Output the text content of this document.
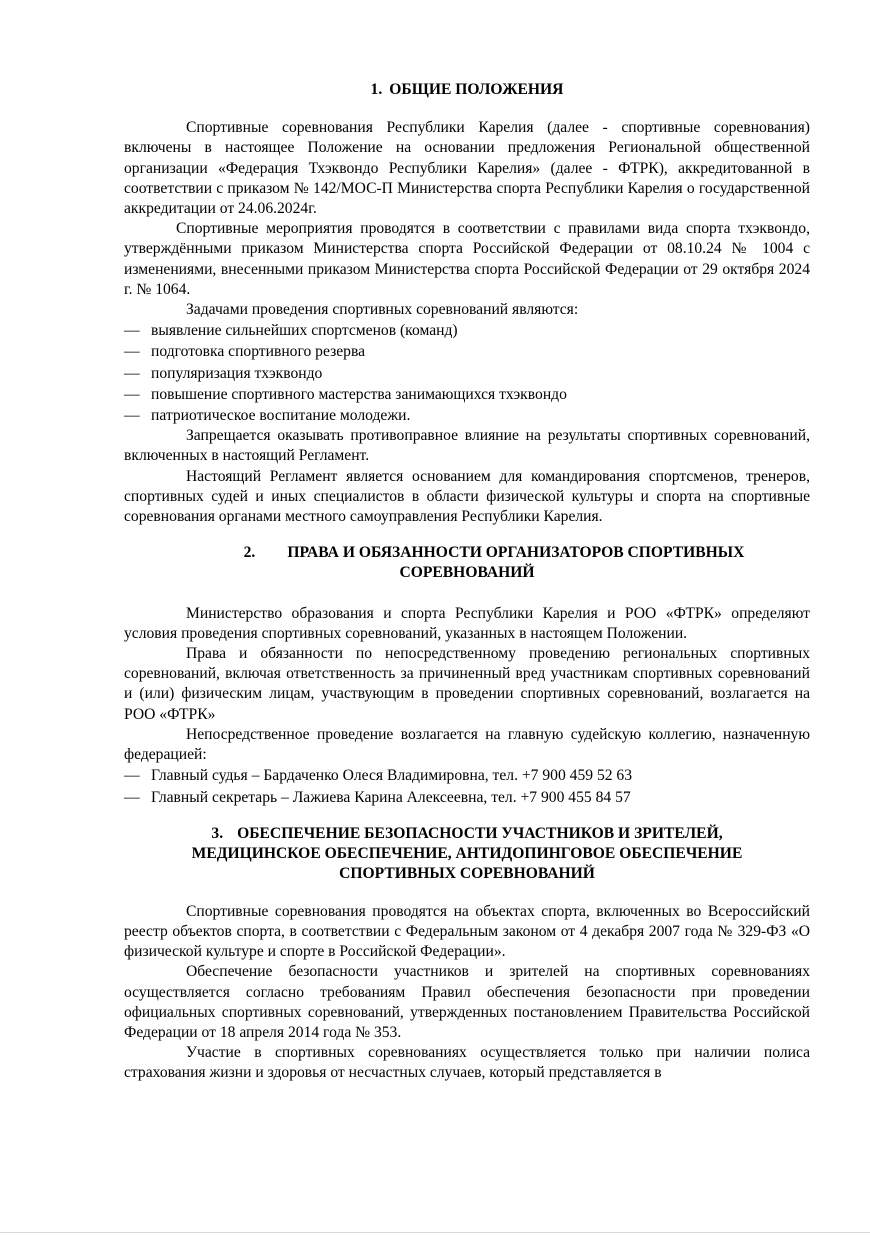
1. ОБЩИЕ ПОЛОЖЕНИЯ

Спортивные соревнования Республики Карелия (далее - спортивные соревнования) включены в настоящее Положение на основании предложения Региональной общественной организации «Федерация Тхэквондо Республики Карелия» (далее - ФТРК), аккредитованной в соответствии с приказом № 142/МОС-П Министерства спорта Республики Карелия о государственной аккредитации от 24.06.2024г.

Спортивные мероприятия проводятся в соответствии с правилами вида спорта тхэквондо, утверждёнными приказом Министерства спорта Российской Федерации от 08.10.24 № 1004 с изменениями, внесенными приказом Министерства спорта Российской Федерации от 29 октября 2024 г. № 1064.

Задачами проведения спортивных соревнований являются:

— выявление сильнейших спортсменов (команд)
— подготовка спортивного резерва
— популяризация тхэквондо
— повышение спортивного мастерства занимающихся тхэквондо
— патриотическое воспитание молодежи.

Запрещается оказывать противоправное влияние на результаты спортивных соревнований, включенных в настоящий Регламент.

Настоящий Регламент является основанием для командирования спортсменов, тренеров, спортивных судей и иных специалистов в области физической культуры и спорта на спортивные соревнования органами местного самоуправления Республики Карелия.

2. ПРАВА И ОБЯЗАННОСТИ ОРГАНИЗАТОРОВ СПОРТИВНЫХ
СОРЕВНОВАНИЙ

Министерство образования и спорта Республики Карелия и РОО «ФТРК» определяют условия проведения спортивных соревнований, указанных в настоящем Положении.

Права и обязанности по непосредственному проведению региональных спортивных соревнований, включая ответственность за причиненный вред участникам спортивных соревнований и (или) физическим лицам, участвующим в проведении спортивных соревнований, возлагается на РОО «ФТРК»

Непосредственное проведение возлагается на главную судейскую коллегию, назначенную федерацией:

— Главный судья – Бардаченко Олеся Владимировна, тел. +7 900 459 52 63
— Главный секретарь – Лажиева Карина Алексеевна, тел. +7 900 455 84 57
3. ОБЕСПЕЧЕНИЕ БЕЗОПАСНОСТИ УЧАСТНИКОВ И ЗРИТЕЛЕЙ,
МЕДИЦИНСКОЕ ОБЕСПЕЧЕНИЕ, АНТИДОПИНГОВОЕ ОБЕСПЕЧЕНИЕ
СПОРТИВНЫХ СОРЕВНОВАНИЙ

Спортивные соревнования проводятся на объектах спорта, включенных во Всероссийский реестр объектов спорта, в соответствии с Федеральным законом от 4 декабря 2007 года № 329-ФЗ «О физической культуре и спорте в Российской Федерации».

Обеспечение безопасности участников и зрителей на спортивных соревнованиях осуществляется согласно требованиям Правил обеспечения безопасности при проведении официальных спортивных соревнований, утвержденных постановлением Правительства Российской Федерации от 18 апреля 2014 года № 353.

Участие в спортивных соревнованиях осуществляется только при наличии полиса страхования жизни и здоровья от несчастных случаев, который представляется в
